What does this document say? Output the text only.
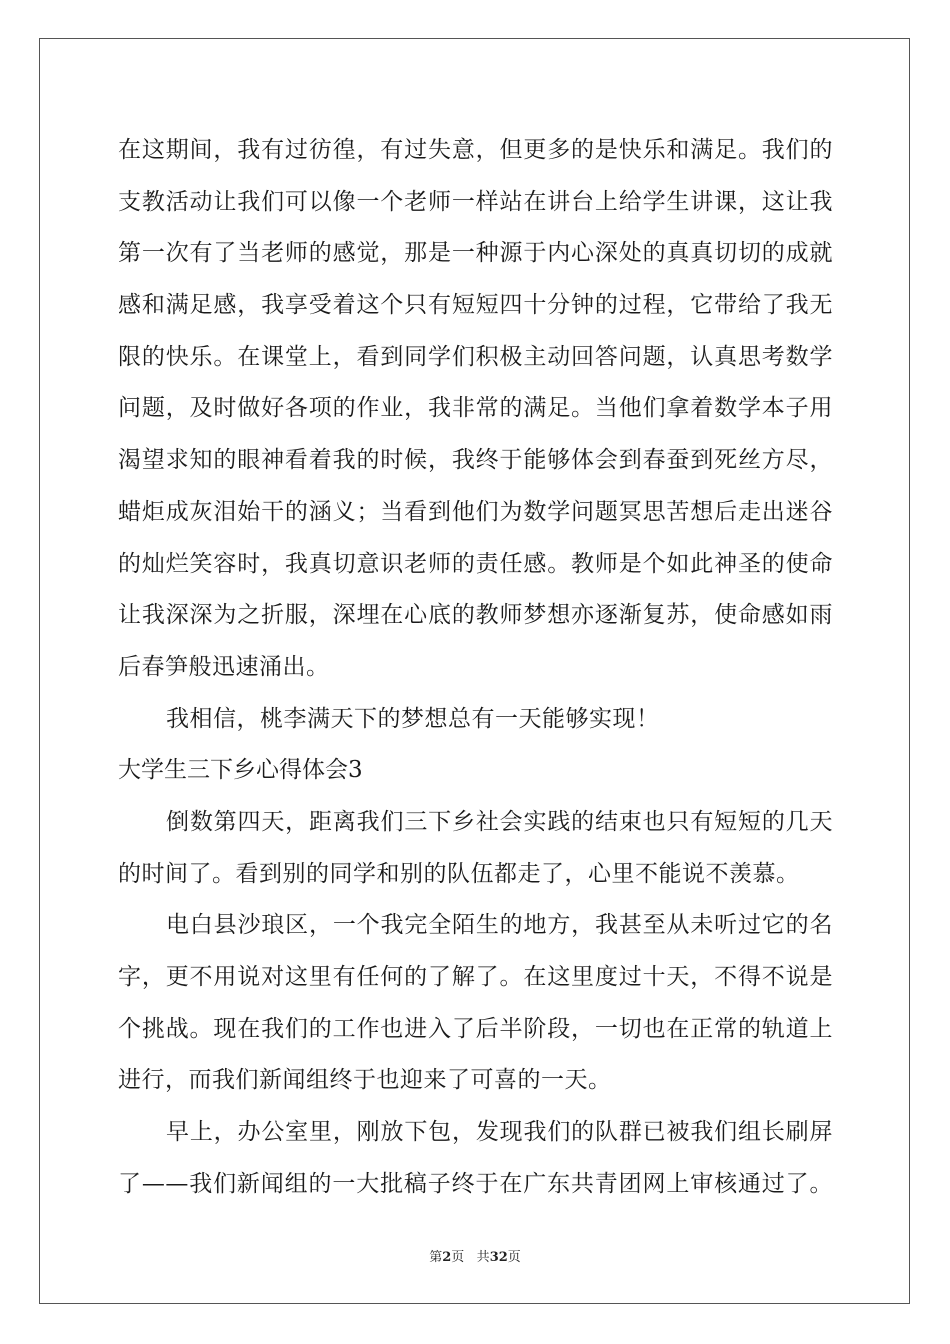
在这期间，我有过彷徨，有过失意，但更多的是快乐和满足。我们的
支教活动让我们可以像一个老师一样站在讲台上给学生讲课，这让我
第一次有了当老师的感觉，那是一种源于内心深处的真真切切的成就
感和满足感，我享受着这个只有短短四十分钟的过程，它带给了我无
限的快乐。在课堂上，看到同学们积极主动回答问题，认真思考数学
问题，及时做好各项的作业，我非常的满足。当他们拿着数学本子用
渴望求知的眼神看着我的时候，我终于能够体会到春蚕到死丝方尽，
蜡炬成灰泪始干的涵义；当看到他们为数学问题冥思苦想后走出迷谷
的灿烂笑容时，我真切意识老师的责任感。教师是个如此神圣的使命
让我深深为之折服，深埋在心底的教师梦想亦逐渐复苏，使命感如雨
后春笋般迅速涌出。
我相信，桃李满天下的梦想总有一天能够实现！
大学生三下乡心得体会3
倒数第四天，距离我们三下乡社会实践的结束也只有短短的几天
的时间了。看到别的同学和别的队伍都走了，心里不能说不羡慕。
电白县沙琅区，一个我完全陌生的地方，我甚至从未听过它的名
字，更不用说对这里有任何的了解了。在这里度过十天，不得不说是
个挑战。现在我们的工作也进入了后半阶段，一切也在正常的轨道上
进行，而我们新闻组终于也迎来了可喜的一天。
早上，办公室里，刚放下包，发现我们的队群已被我们组长刷屏
了——我们新闻组的一大批稿子终于在广东共青团网上审核通过了。
第2页 共32页
